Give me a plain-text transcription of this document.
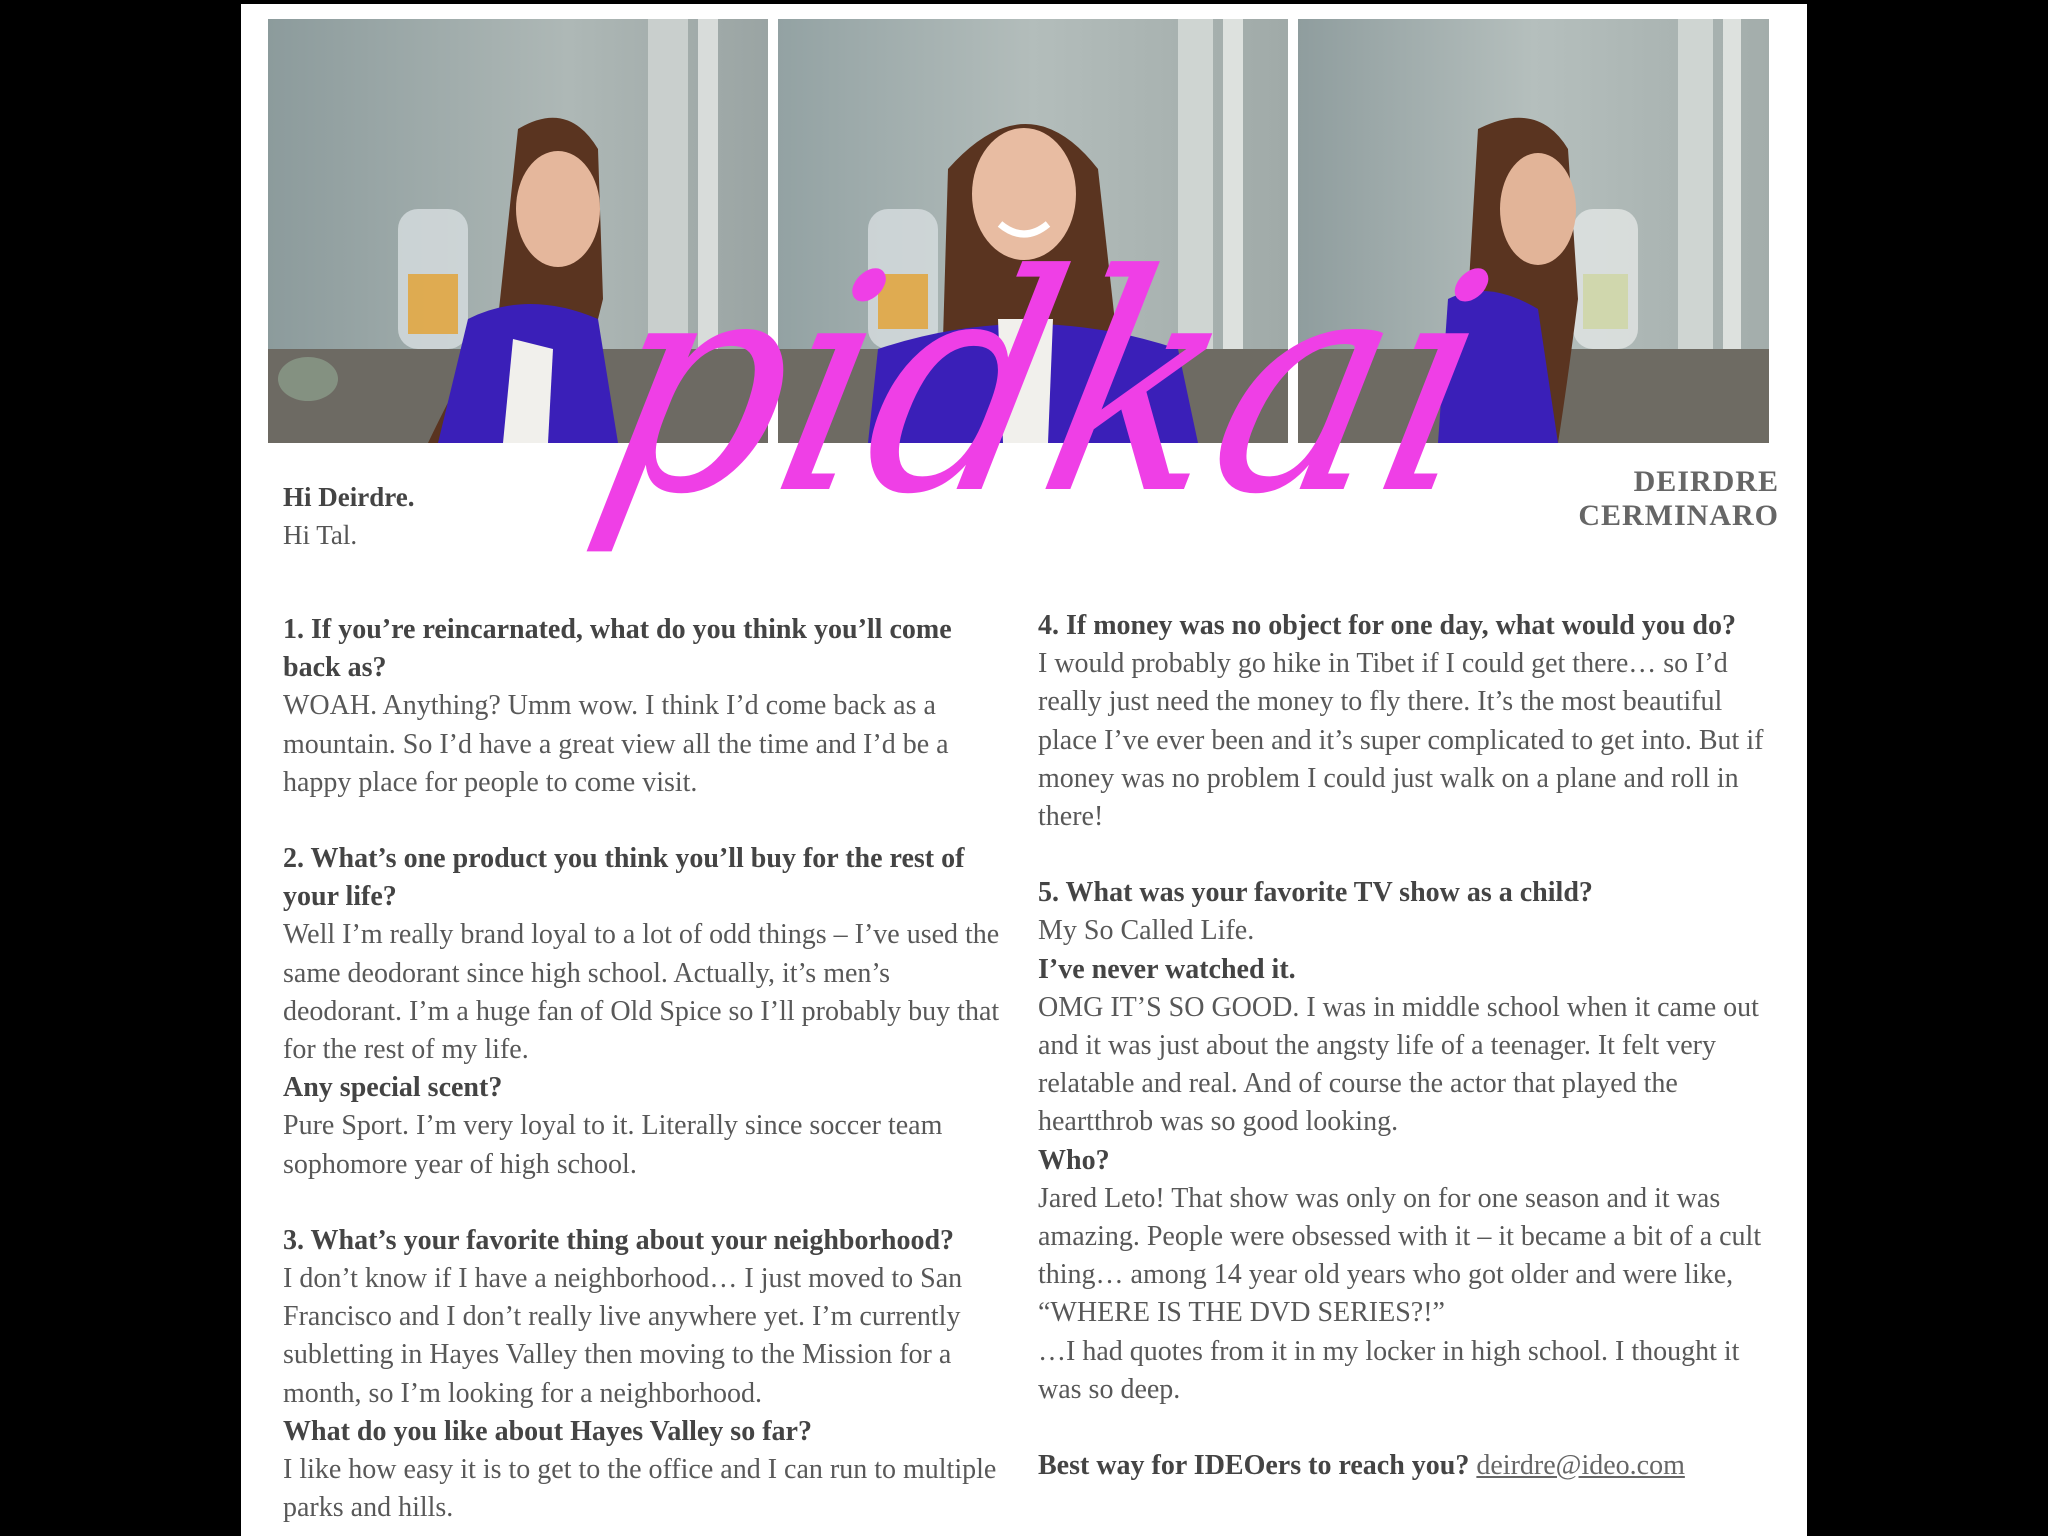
pidkai
Hi Deirdre.
Hi Tal.
DEIRDRE
CERMINARO

1. If you’re reincarnated, what do you think you’ll come back as?

WOAH. Anything? Umm wow. I think I’d come back as a mountain. So I’d have a great view all the time and I’d be a happy place for people to come visit.

2. What’s one product you think you’ll buy for the rest of your life?

Well I’m really brand loyal to a lot of odd things – I’ve used the same deodorant since high school. Actually, it’s men’s deodorant. I’m a huge fan of Old Spice so I’ll probably buy that for the rest of my life.

Any special scent?

Pure Sport. I’m very loyal to it. Literally since soccer team sophomore year of high school.

3. What’s your favorite thing about your neighborhood?

I don’t know if I have a neighborhood… I just moved to San Francisco and I don’t really live anywhere yet. I’m currently subletting in Hayes Valley then moving to the Mission for a month, so I’m looking for a neighborhood.

What do you like about Hayes Valley so far?

I like how easy it is to get to the office and I can run to multiple parks and hills.

4. If money was no object for one day, what would you do?

I would probably go hike in Tibet if I could get there… so I’d really just need the money to fly there. It’s the most beautiful place I’ve ever been and it’s super complicated to get into. But if money was no problem I could just walk on a plane and roll in there!

5. What was your favorite TV show as a child?

My So Called Life.

I’ve never watched it.

OMG IT’S SO GOOD. I was in middle school when it came out and it was just about the angsty life of a teenager. It felt very relatable and real. And of course the actor that played the heartthrob was so good looking.

Who?

Jared Leto! That show was only on for one season and it was amazing. People were obsessed with it – it became a bit of a cult thing… among 14 year old years who got older and were like, “WHERE IS THE DVD SERIES?!”

…I had quotes from it in my locker in high school. I thought it was so deep.

Best way for IDEOers to reach you? deirdre@ideo.com
